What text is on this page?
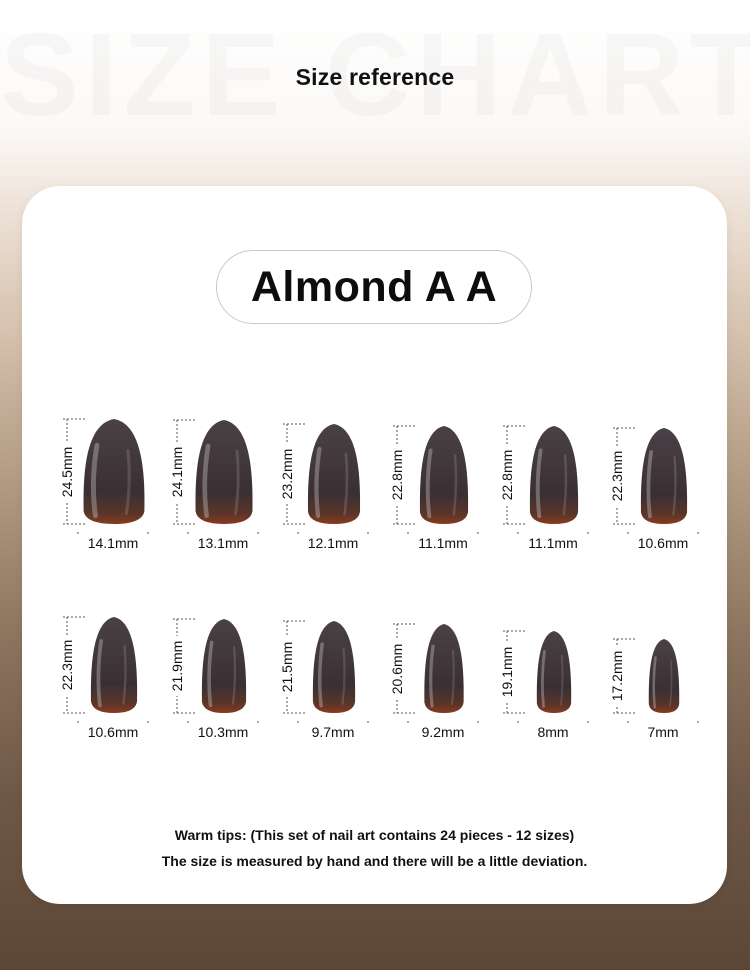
Size reference
Almond A A
24.5mm
14.1mm
24.1mm
13.1mm
23.2mm
12.1mm
22.8mm
11.1mm
22.8mm
11.1mm
22.3mm
10.6mm
22.3mm
10.6mm
21.9mm
10.3mm
21.5mm
9.7mm
20.6mm
9.2mm
19.1mm
8mm
17.2mm
7mm
Warm tips: (This set of nail art contains 24 pieces - 12 sizes)
The size is measured by hand and there will be a little deviation.
